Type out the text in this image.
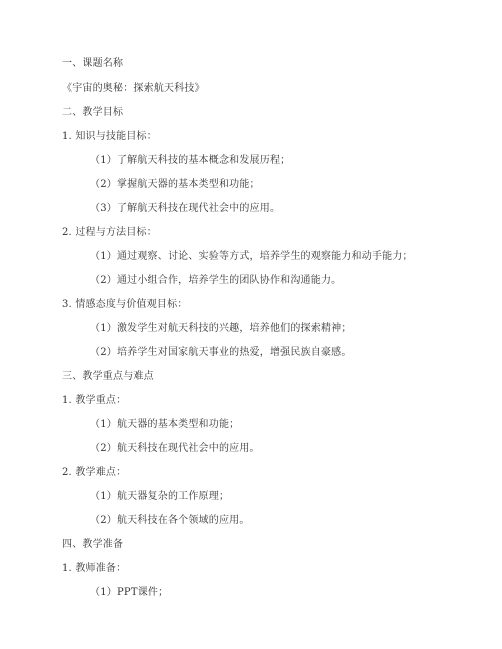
一、课题名称
《宇宙的奥秘：探索航天科技》
二、教学目标
1. 知识与技能目标：
（1）了解航天科技的基本概念和发展历程；
（2）掌握航天器的基本类型和功能；
（3）了解航天科技在现代社会中的应用。
2. 过程与方法目标：
（1）通过观察、讨论、实验等方式，培养学生的观察能力和动手能力；
（2）通过小组合作，培养学生的团队协作和沟通能力。
3. 情感态度与价值观目标：
（1）激发学生对航天科技的兴趣，培养他们的探索精神；
（2）培养学生对国家航天事业的热爱，增强民族自豪感。
三、教学重点与难点
1. 教学重点：
（1）航天器的基本类型和功能；
（2）航天科技在现代社会中的应用。
2. 教学难点：
（1）航天器复杂的工作原理；
（2）航天科技在各个领域的应用。
四、教学准备
1. 教师准备：
（1）PPT课件；
